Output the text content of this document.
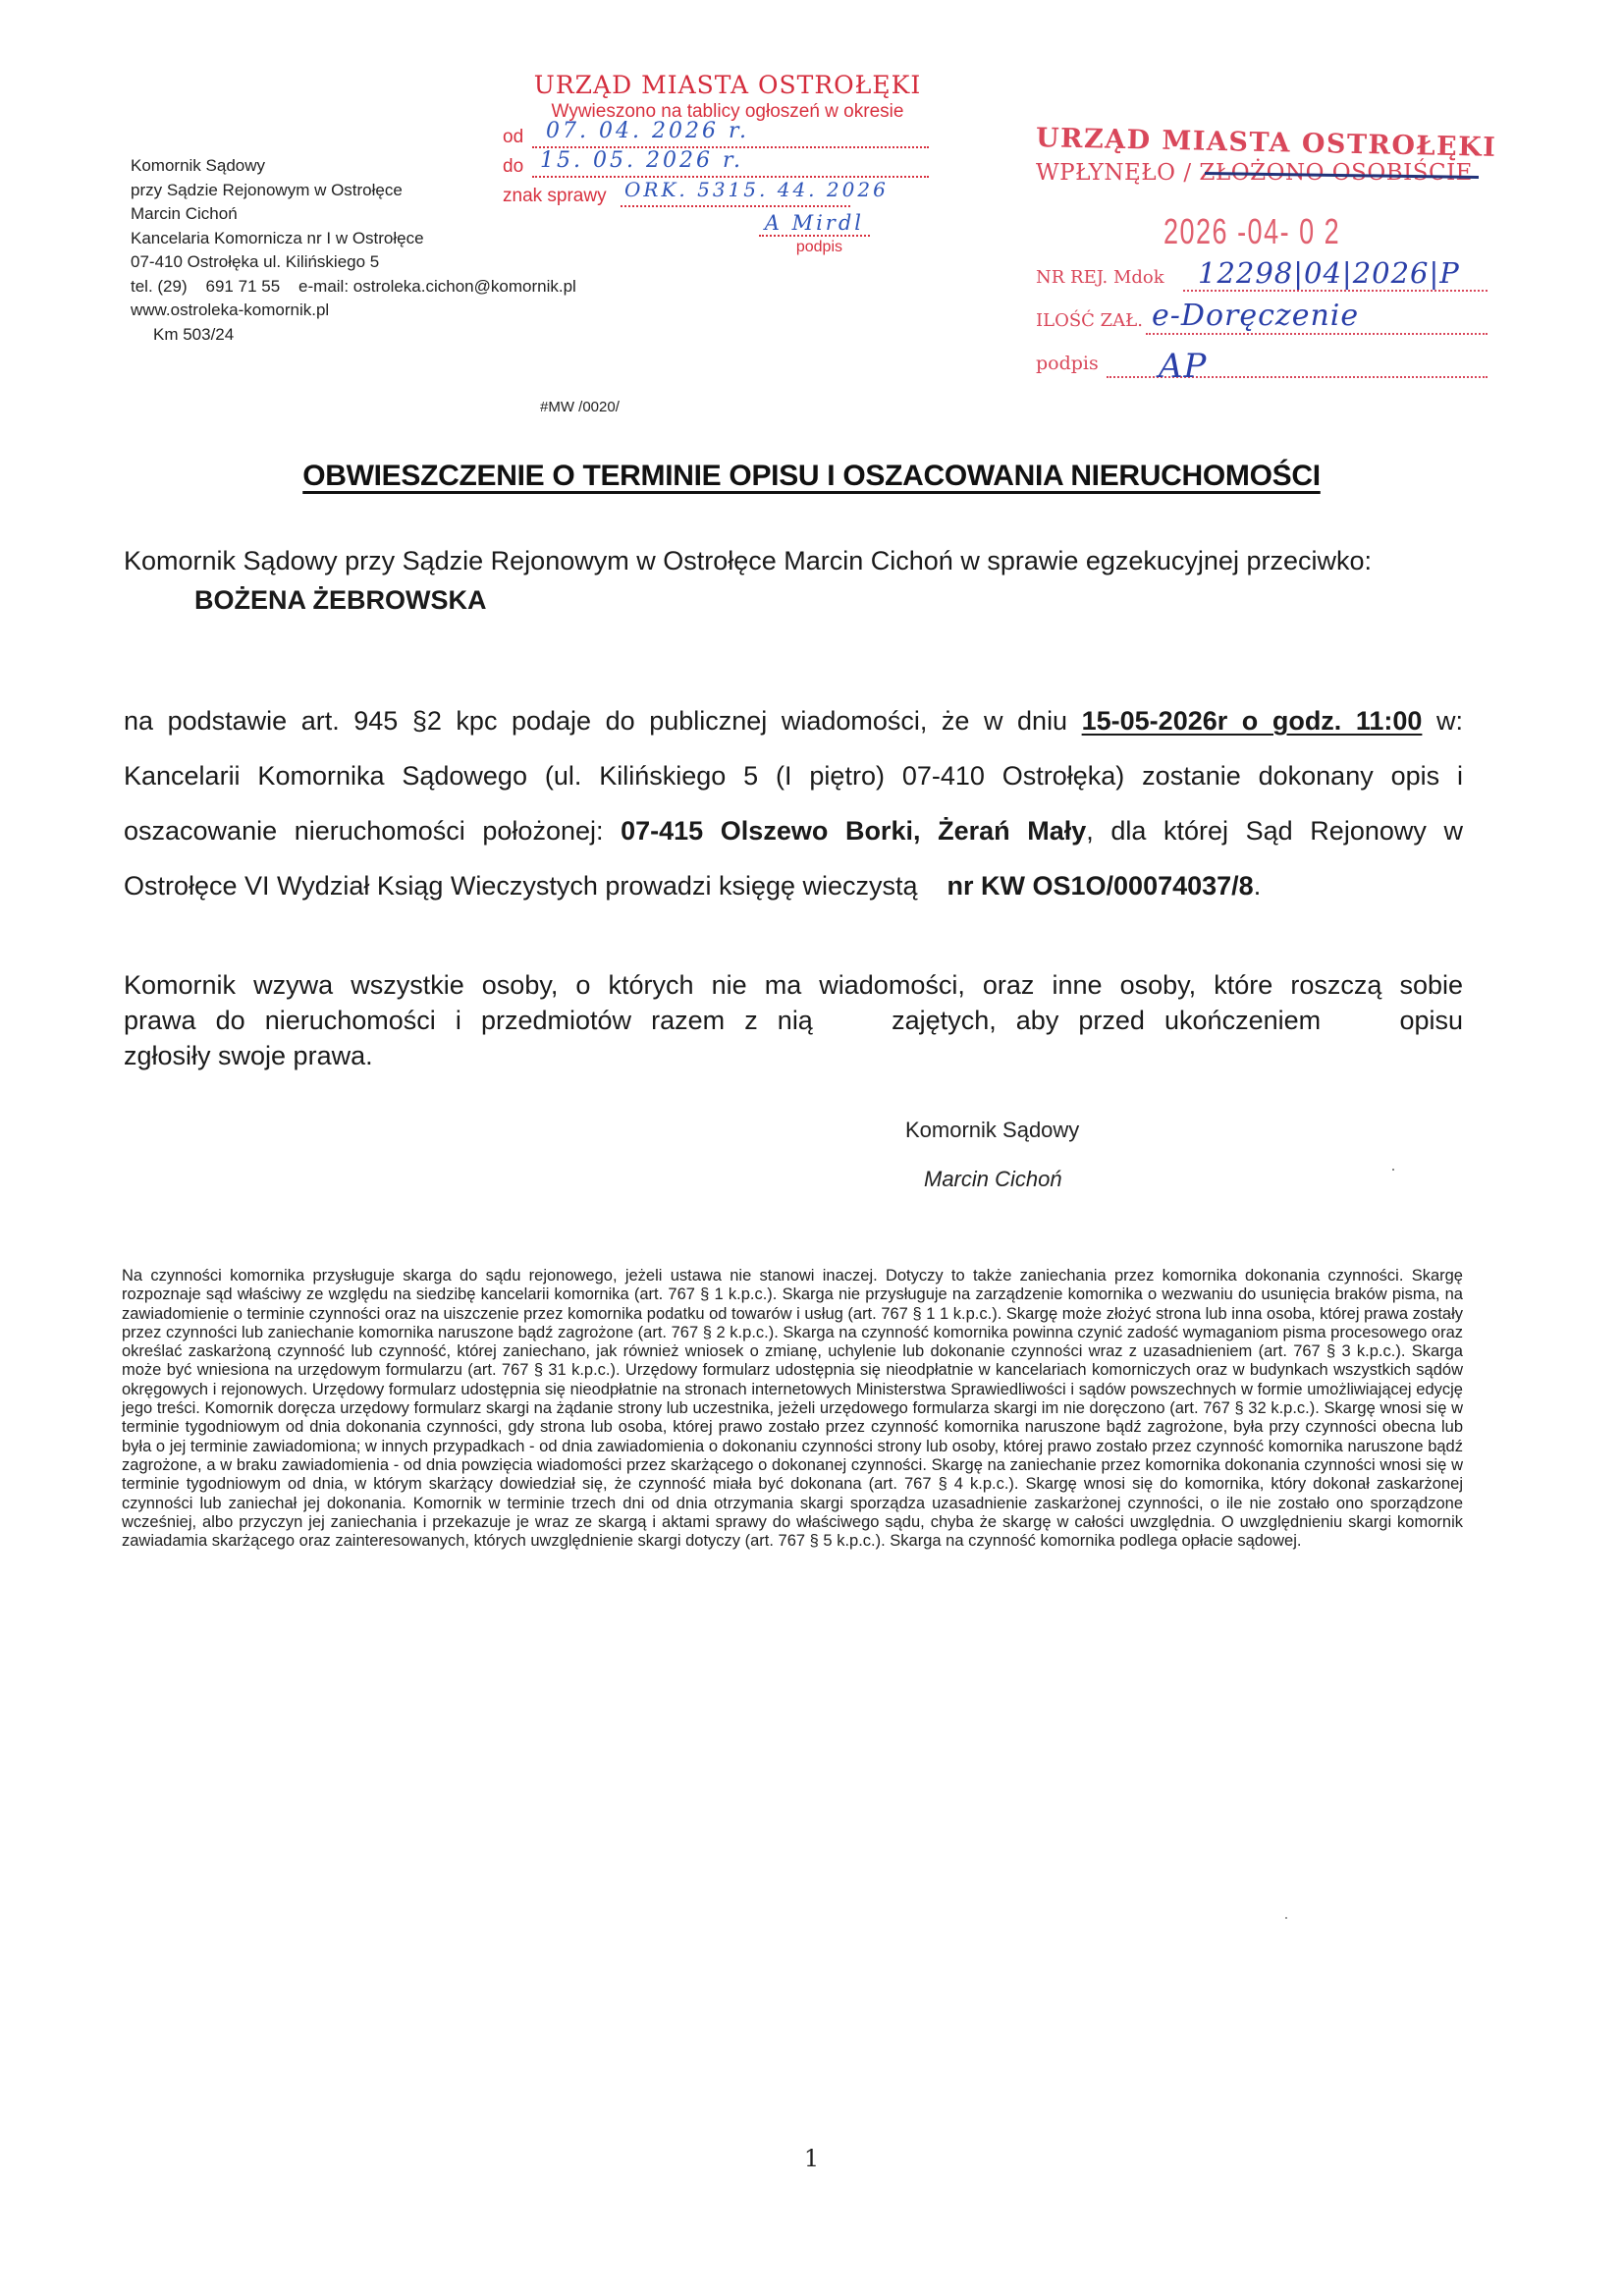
Komornik Sądowy
przy Sądzie Rejonowym w Ostrołęce
Marcin Cichoń
Kancelaria Komornicza nr I w Ostrołęce
07-410 Ostrołęka ul. Kilińskiego 5
tel. (29)    691 71 55    e-mail: ostroleka.cichon@komornik.pl
www.ostroleka-komornik.pl
Km 503/24
URZĄD MIASTA OSTROŁĘKI
Wywieszono na tablicy ogłoszeń w okresie
od 07. 04. 2026 r.
do 15. 05. 2026 r.
znak sprawy ORK. 5315. 44. 2026
A Mirdl
podpis
URZĄD MIASTA OSTROŁĘKI
WPŁYNĘŁO / ZŁOŻONO OSOBIŚCIE
2026 -04- 0 2
NR REJ. Mdok 12298|04|2026|P
ILOŚĆ ZAŁ. e-Doręczenie
podpis AP
#MW /0020/
OBWIESZCZENIE O TERMINIE OPISU I OSZACOWANIA NIERUCHOMOŚCI
Komornik Sądowy przy Sądzie Rejonowym w Ostrołęce Marcin Cichoń w sprawie egzekucyjnej przeciwko:
BOŻENA ŻEBROWSKA
na podstawie art. 945 §2 kpc podaje do publicznej wiadomości, że w dniu 15-05-2026r o godz. 11:00 w:
Kancelarii Komornika Sądowego (ul. Kilińskiego 5 (I piętro) 07-410 Ostrołęka) zostanie dokonany opis i
oszacowanie nieruchomości położonej: 07-415 Olszewo Borki, Żerań Mały, dla której Sąd Rejonowy w
Ostrołęce VI Wydział Ksiąg Wieczystych prowadzi księgę wieczystą    nr KW OS1O/00074037/8.
Komornik wzywa wszystkie osoby, o których nie ma wiadomości, oraz inne osoby, które roszczą sobie
prawa do nieruchomości i przedmiotów razem z nią    zajętych, aby przed ukończeniem    opisu
zgłosiły swoje prawa.
Komornik Sądowy
Marcin Cichoń
Na czynności komornika przysługuje skarga do sądu rejonowego, jeżeli ustawa nie stanowi inaczej. Dotyczy to także zaniechania przez komornika dokonania czynności. Skargę rozpoznaje sąd właściwy ze względu na siedzibę kancelarii komornika (art. 767 § 1 k.p.c.). Skarga nie przysługuje na zarządzenie komornika o wezwaniu do usunięcia braków pisma, na zawiadomienie o terminie czynności oraz na uiszczenie przez komornika podatku od towarów i usług (art. 767 § 1 1 k.p.c.). Skargę może złożyć strona lub inna osoba, której prawa zostały przez czynności lub zaniechanie komornika naruszone bądź zagrożone (art. 767 § 2 k.p.c.). Skarga na czynność komornika powinna czynić zadość wymaganiom pisma procesowego oraz określać zaskarżoną czynność lub czynność, której zaniechano, jak również wniosek o zmianę, uchylenie lub dokonanie czynności wraz z uzasadnieniem (art. 767 § 3 k.p.c.). Skarga może być wniesiona na urzędowym formularzu (art. 767 § 31 k.p.c.). Urzędowy formularz udostępnia się nieodpłatnie w kancelariach komorniczych oraz w budynkach wszystkich sądów okręgowych i rejonowych. Urzędowy formularz udostępnia się nieodpłatnie na stronach internetowych Ministerstwa Sprawiedliwości i sądów powszechnych w formie umożliwiającej edycję jego treści. Komornik doręcza urzędowy formularz skargi na żądanie strony lub uczestnika, jeżeli urzędowego formularza skargi im nie doręczono (art. 767 § 32 k.p.c.). Skargę wnosi się w terminie tygodniowym od dnia dokonania czynności, gdy strona lub osoba, której prawo zostało przez czynność komornika naruszone bądź zagrożone, była przy czynności obecna lub była o jej terminie zawiadomiona; w innych przypadkach - od dnia zawiadomienia o dokonaniu czynności strony lub osoby, której prawo zostało przez czynność komornika naruszone bądź zagrożone, a w braku zawiadomienia - od dnia powzięcia wiadomości przez skarżącego o dokonanej czynności. Skargę na zaniechanie przez komornika dokonania czynności wnosi się w terminie tygodniowym od dnia, w którym skarżący dowiedział się, że czynność miała być dokonana (art. 767 § 4 k.p.c.). Skargę wnosi się do komornika, który dokonał zaskarżonej czynności lub zaniechał jej dokonania. Komornik w terminie trzech dni od dnia otrzymania skargi sporządza uzasadnienie zaskarżonej czynności, o ile nie zostało ono sporządzone wcześniej, albo przyczyn jej zaniechania i przekazuje je wraz ze skargą i aktami sprawy do właściwego sądu, chyba że skargę w całości uwzględnia. O uwzględnieniu skargi komornik zawiadamia skarżącego oraz zainteresowanych, których uwzględnienie skargi dotyczy (art. 767 § 5 k.p.c.). Skarga na czynność komornika podlega opłacie sądowej.
1
